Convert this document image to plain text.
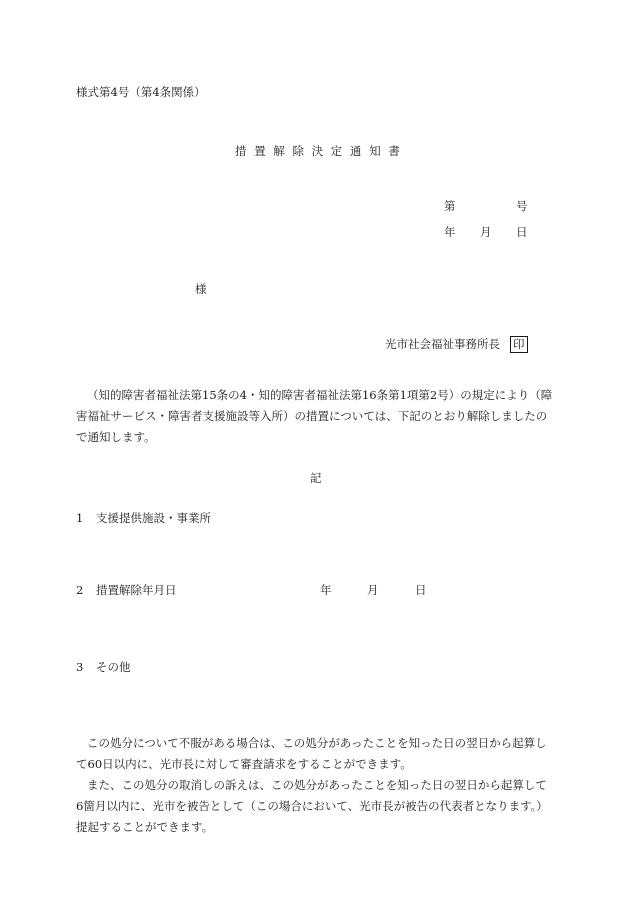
様式第4号（第4条関係）
措 置 解 除 決 定 通 知 書
第	号
年 月 日
様
光市社会福祉事務所長 印
（知的障害者福祉法第15条の4・知的障害者福祉法第16条第1項第2号）の規定により（障害福祉サービス・障害者支援施設等入所）の措置については、下記のとおり解除しましたので通知します。
記
1 支援提供施設・事業所
2 措置解除年月日	年	月	日
3 その他

この処分について不服がある場合は、この処分があったことを知った日の翌日から起算して60日以内に、光市長に対して審査請求をすることができます。

また、この処分の取消しの訴えは、この処分があったことを知った日の翌日から起算して6箇月以内に、光市を被告として（この場合において、光市長が被告の代表者となります。）提起することができます。
